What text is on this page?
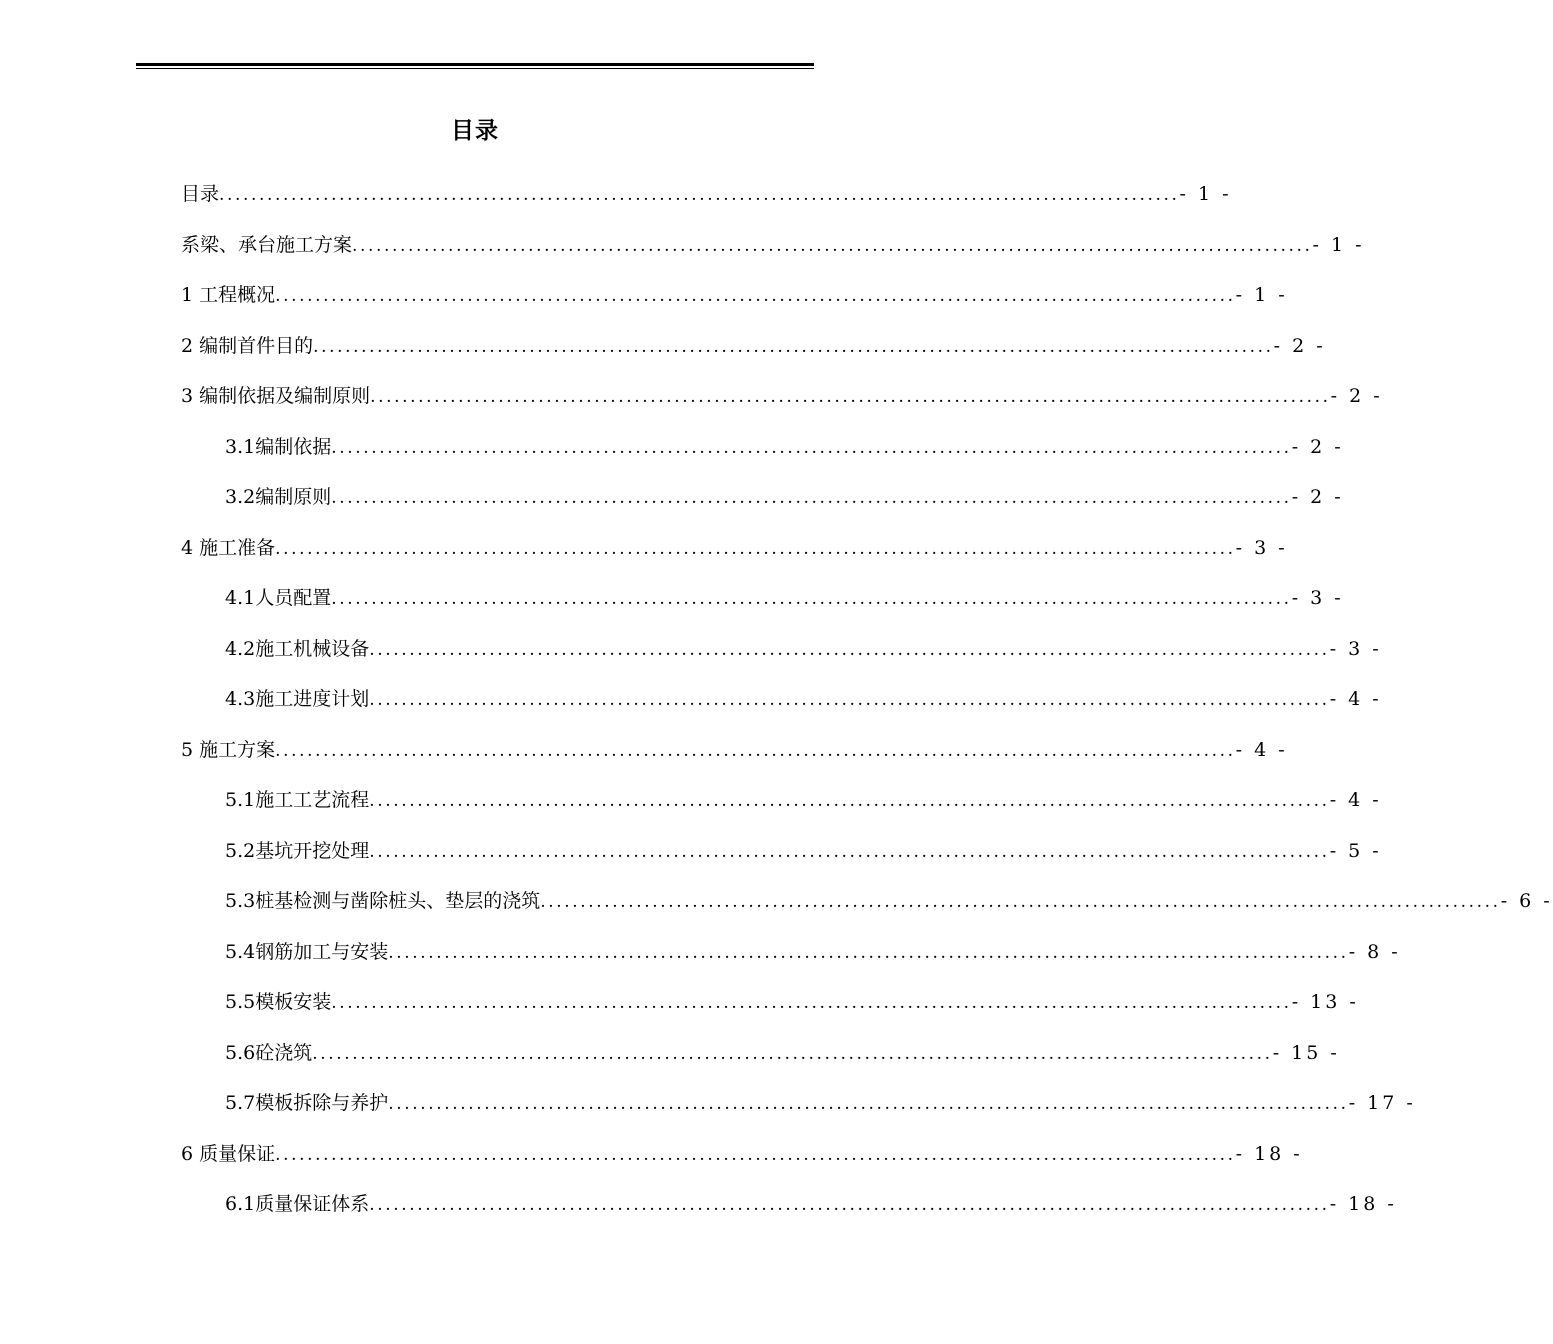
目录
目录 ........................................................................................................................ - 1 -
系梁、承台施工方案 ........................................................................................................................ - 1 -
1 工程概况 ........................................................................................................................ - 1 -
2 编制首件目的 ........................................................................................................................ - 2 -
3 编制依据及编制原则 ........................................................................................................................ - 2 -
3.1编制依据 ........................................................................................................................ - 2 -
3.2编制原则 ........................................................................................................................ - 2 -
4 施工准备 ........................................................................................................................ - 3 -
4.1人员配置 ........................................................................................................................ - 3 -
4.2施工机械设备 ........................................................................................................................ - 3 -
4.3施工进度计划 ........................................................................................................................ - 4 -
5 施工方案 ........................................................................................................................ - 4 -
5.1施工工艺流程 ........................................................................................................................ - 4 -
5.2基坑开挖处理 ........................................................................................................................ - 5 -
5.3桩基检测与凿除桩头、垫层的浇筑 ........................................................................................................................ - 6 -
5.4钢筋加工与安装 ........................................................................................................................ - 8 -
5.5模板安装 ........................................................................................................................ - 13 -
5.6砼浇筑 ........................................................................................................................ - 15 -
5.7模板拆除与养护 ........................................................................................................................ - 17 -
6 质量保证 ........................................................................................................................ - 18 -
6.1质量保证体系 ........................................................................................................................ - 18 -
